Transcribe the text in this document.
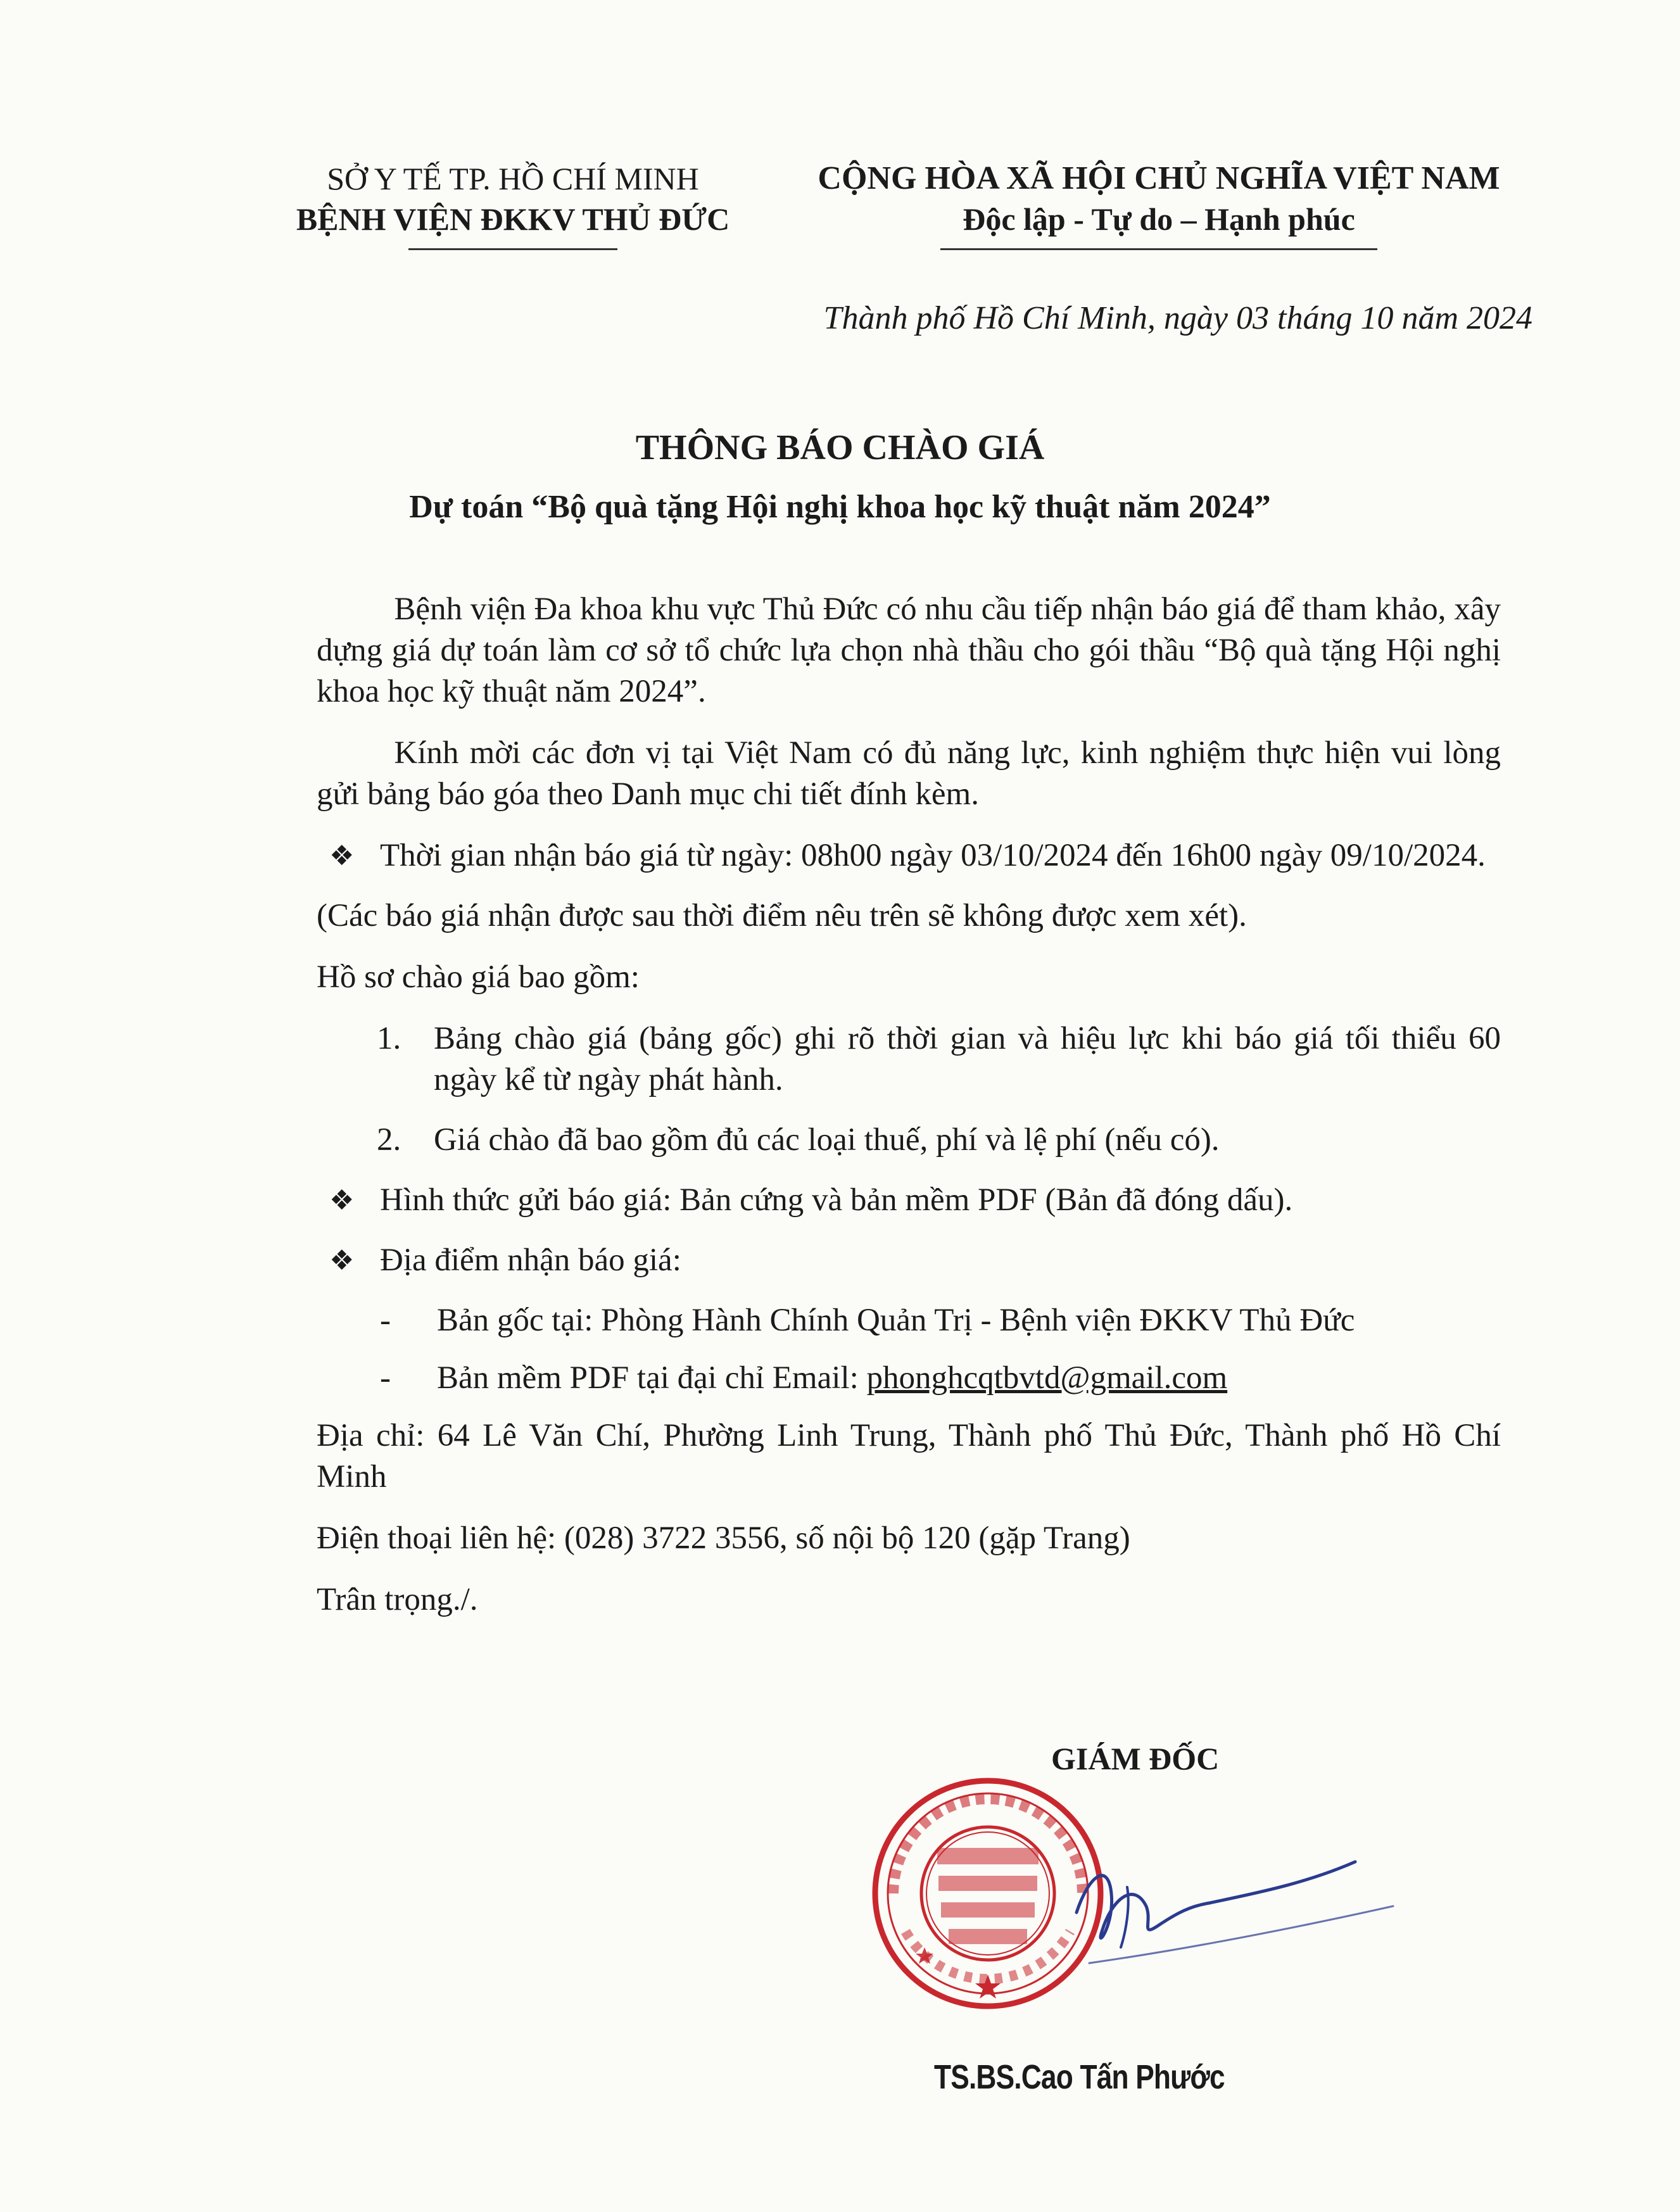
SỞ Y TẾ TP. HỒ CHÍ MINH
BỆNH VIỆN ĐKKV THỦ ĐỨC
CỘNG HÒA XÃ HỘI CHỦ NGHĨA VIỆT NAM
Độc lập - Tự do – Hạnh phúc
Thành phố Hồ Chí Minh, ngày 03 tháng 10 năm 2024
THÔNG BÁO CHÀO GIÁ
Dự toán “Bộ quà tặng Hội nghị khoa học kỹ thuật năm 2024”

Bệnh viện Đa khoa khu vực Thủ Đức có nhu cầu tiếp nhận báo giá để tham khảo, xây dựng giá dự toán làm cơ sở tổ chức lựa chọn nhà thầu cho gói thầu “Bộ quà tặng Hội nghị khoa học kỹ thuật năm 2024”.

Kính mời các đơn vị tại Việt Nam có đủ năng lực, kinh nghiệm thực hiện vui lòng gửi bảng báo góa theo Danh mục chi tiết đính kèm.

❖ Thời gian nhận báo giá từ ngày: 08h00 ngày 03/10/2024 đến 16h00 ngày 09/10/2024.

(Các báo giá nhận được sau thời điểm nêu trên sẽ không được xem xét).

Hồ sơ chào giá bao gồm:

1.	Bảng chào giá (bảng gốc) ghi rõ thời gian và hiệu lực khi báo giá tối thiểu 60 ngày kể từ ngày phát hành.
2.	Giá chào đã bao gồm đủ các loại thuế, phí và lệ phí (nếu có).
❖ Hình thức gửi báo giá: Bản cứng và bản mềm PDF (Bản đã đóng dấu).
❖ Địa điểm nhận báo giá:
-	Bản gốc tại: Phòng Hành Chính Quản Trị - Bệnh viện ĐKKV Thủ Đức
-	Bản mềm PDF tại đại chỉ Email: phonghcqtbvtd@gmail.com

Địa chỉ: 64 Lê Văn Chí, Phường Linh Trung, Thành phố Thủ Đức, Thành phố Hồ Chí Minh

Điện thoại liên hệ: (028) 3722 3556, số nội bộ 120 (gặp Trang)

Trân trọng./.

GIÁM ĐỐC
TS.BS.Cao Tấn Phước
